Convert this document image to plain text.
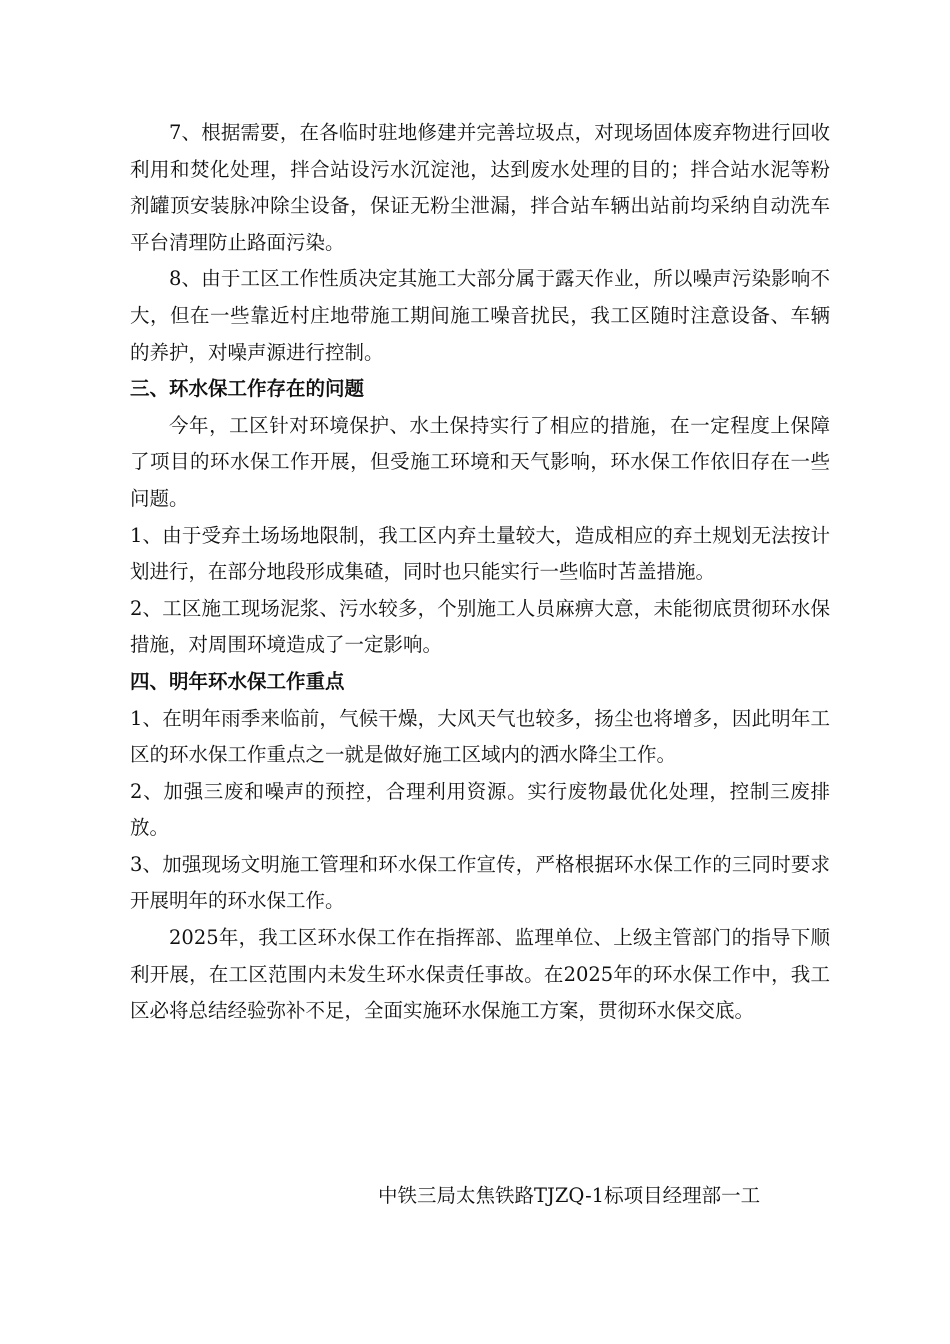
7、根据需要，在各临时驻地修建并完善垃圾点，对现场固体废弃物进行回收利用和焚化处理，拌合站设污水沉淀池，达到废水处理的目的；拌合站水泥等粉剂罐顶安装脉冲除尘设备，保证无粉尘泄漏，拌合站车辆出站前均采纳自动洗车平台清理防止路面污染。

8、由于工区工作性质决定其施工大部分属于露天作业，所以噪声污染影响不大，但在一些靠近村庄地带施工期间施工噪音扰民，我工区随时注意设备、车辆的养护，对噪声源进行控制。

三、环水保工作存在的问题

今年，工区针对环境保护、水土保持实行了相应的措施，在一定程度上保障了项目的环水保工作开展，但受施工环境和天气影响，环水保工作依旧存在一些问题。

1、由于受弃土场场地限制，我工区内弃土量较大，造成相应的弃土规划无法按计划进行，在部分地段形成集碴，同时也只能实行一些临时苫盖措施。

2、工区施工现场泥浆、污水较多，个别施工人员麻痹大意，未能彻底贯彻环水保措施，对周围环境造成了一定影响。

四、明年环水保工作重点

1、在明年雨季来临前，气候干燥，大风天气也较多，扬尘也将增多，因此明年工区的环水保工作重点之一就是做好施工区域内的洒水降尘工作。

2、加强三废和噪声的预控，合理利用资源。实行废物最优化处理，控制三废排放。

3、加强现场文明施工管理和环水保工作宣传，严格根据环水保工作的三同时要求开展明年的环水保工作。

2025年，我工区环水保工作在指挥部、监理单位、上级主管部门的指导下顺利开展，在工区范围内未发生环水保责任事故。在2025年的环水保工作中，我工区必将总结经验弥补不足，全面实施环水保施工方案，贯彻环水保交底。

中铁三局太焦铁路TJZQ-1标项目经理部一工
